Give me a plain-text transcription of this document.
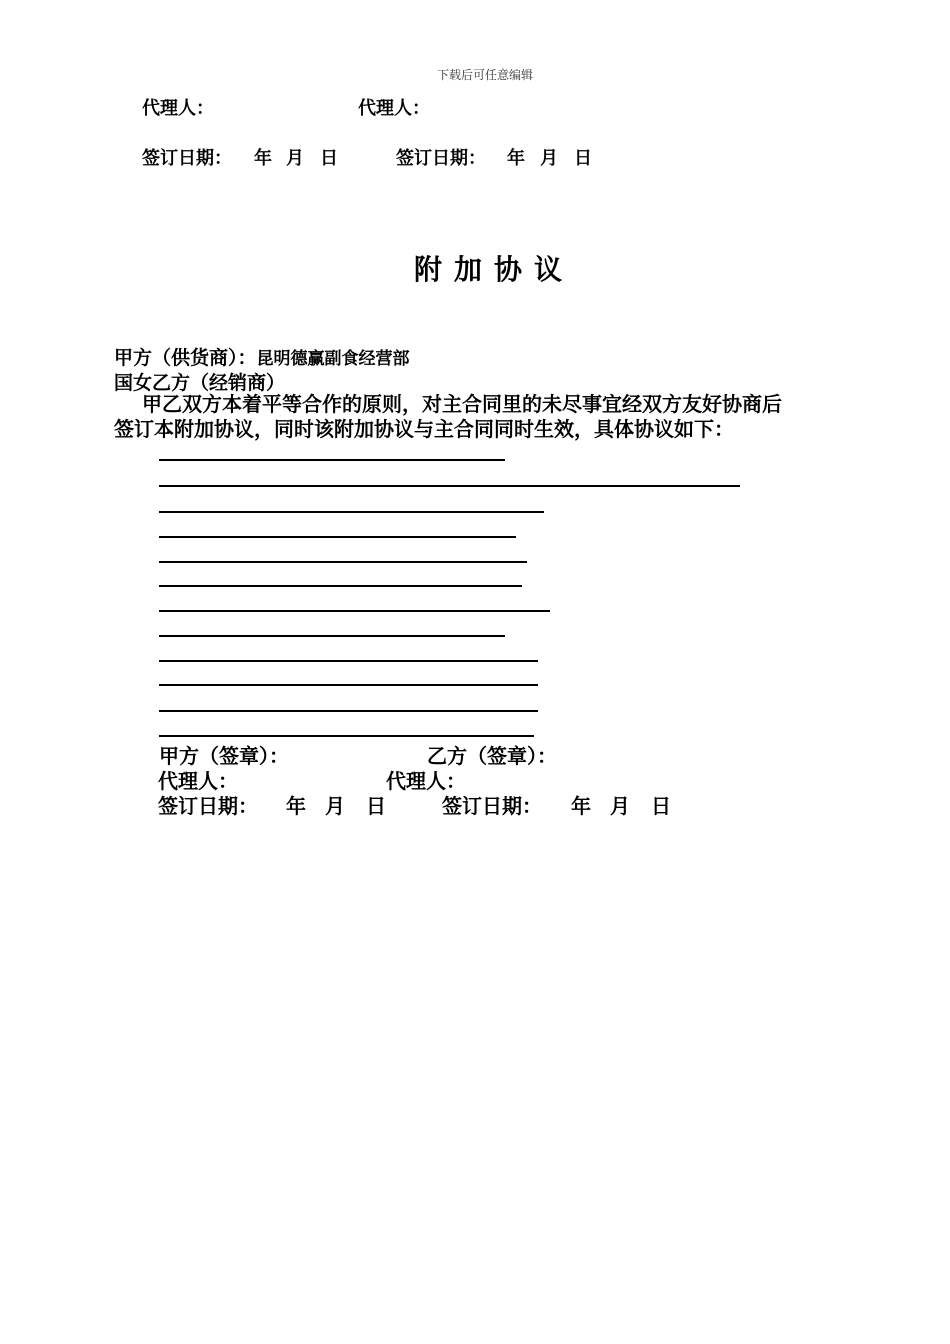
下载后可任意编辑
代理人：	代理人：
签订日期： 年 月 日	签订日期： 年 月 日
附加协议
甲方（供货商）：昆明德赢副食经营部
国女乙方（经销商）
甲乙双方本着平等合作的原则，对主合同里的未尽事宜经双方友好协商后
签订本附加协议，同时该附加协议与主合同同时生效，具体协议如下：
甲方（签章）：	乙方（签章）：
代理人：	代理人：
签订日期： 年 月 日	签订日期： 年 月 日
